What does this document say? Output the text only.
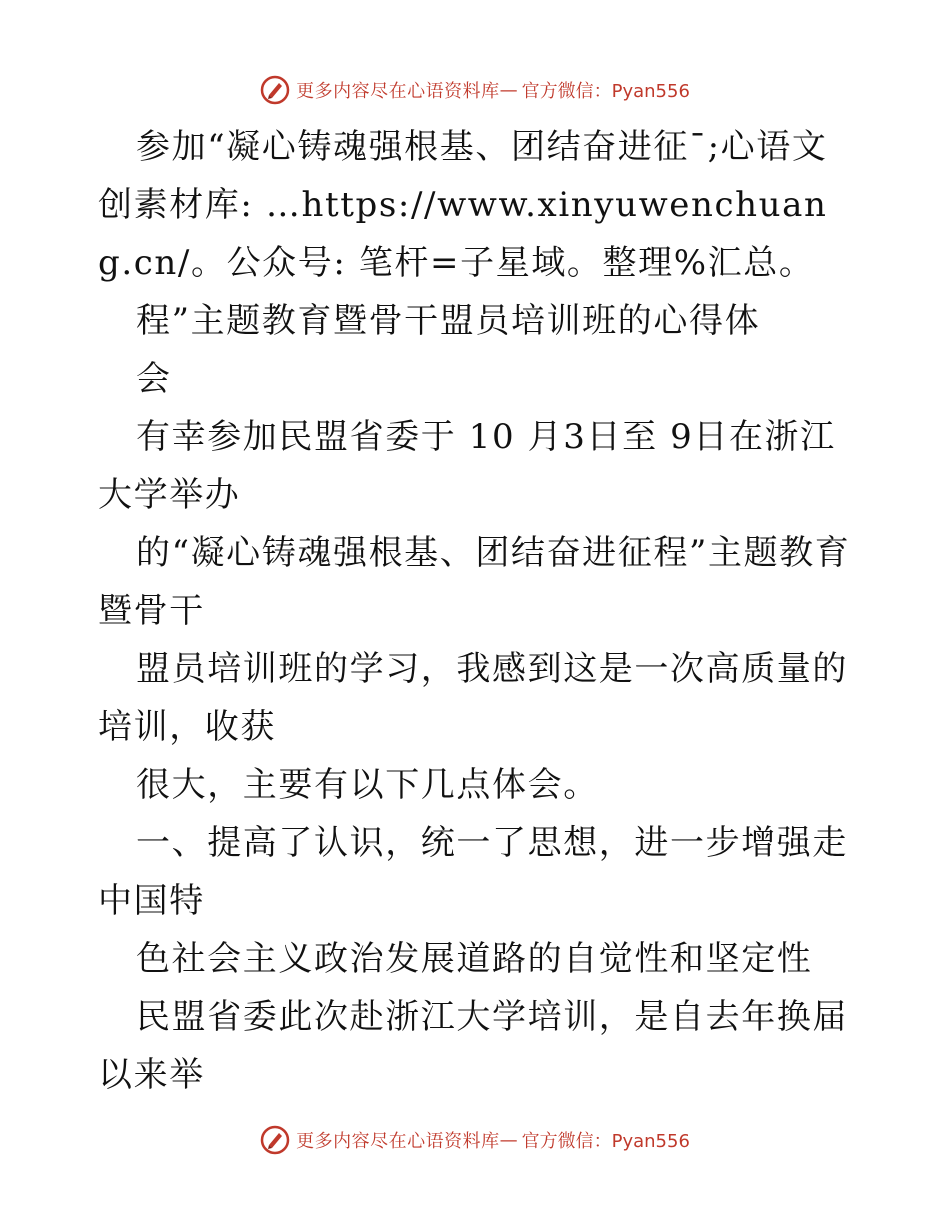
更多内容尽在心语资料库 — 官方微信：Pyan556

参加“凝心铸魂强根基、团结奋进征¯;心语文创素材库: …https://www.xinyuwenchuang.cn/。公众号: 笔杆=子星域。整理%汇总。

程”主题教育暨骨干盟员培训班的心得体

会

有幸参加民盟省委于 10 月3日至 9日在浙江大学举办

的“凝心铸魂强根基、团结奋进征程”主题教育暨骨干

盟员培训班的学习，我感到这是一次高质量的培训，收获

很大，主要有以下几点体会。

一、提高了认识，统一了思想，进一步增强走中国特

色社会主义政治发展道路的自觉性和坚定性

民盟省委此次赴浙江大学培训，是自去年换届以来举

更多内容尽在心语资料库 — 官方微信：Pyan556
